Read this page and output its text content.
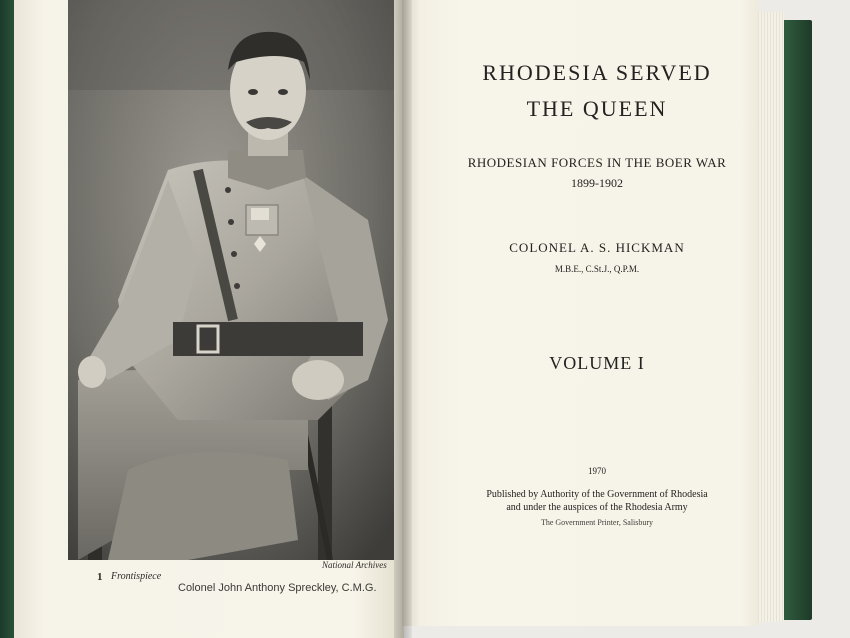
1 Frontispiece
National Archives
Colonel John Anthony Spreckley, C.M.G.
RHODESIA SERVED
THE QUEEN
RHODESIAN FORCES IN THE BOER WAR
1899-1902
COLONEL A. S. HICKMAN
M.B.E., C.St.J., Q.P.M.
VOLUME I
1970
Published by Authority of the Government of Rhodesia
and under the auspices of the Rhodesia Army
The Government Printer, Salisbury
